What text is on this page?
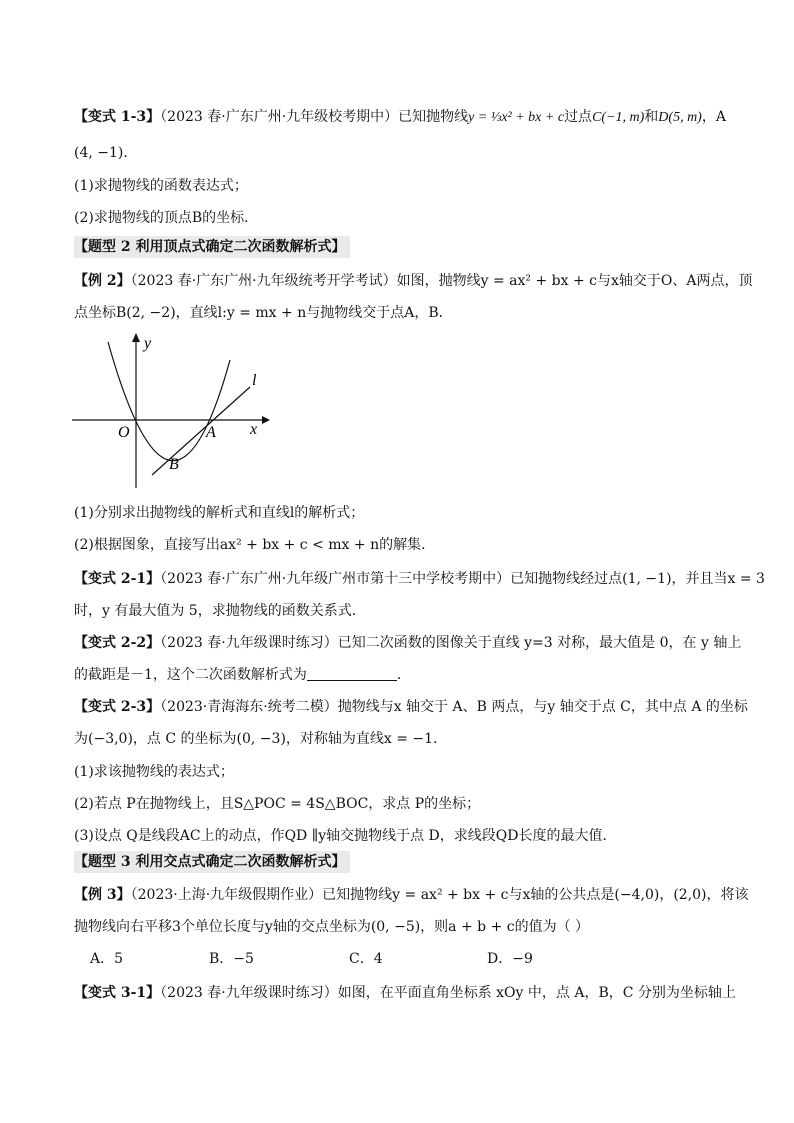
【变式 1-3】（2023 春·广东广州·九年级校考期中）已知抛物线y = ⅓x² + bx + c过点C(−1, m)和D(5, m)，A
(4, −1)．
(1)求抛物线的函数表达式；
(2)求抛物线的顶点B的坐标．
【题型 2 利用顶点式确定二次函数解析式】
【例 2】（2023 春·广东广州·九年级统考开学考试）如图，抛物线y = ax² + bx + c与x轴交于O、A两点，顶
点坐标B(2, −2)，直线l:y = mx + n与抛物线交于点A，B．
y
x
O	A
B
l
(1)分别求出抛物线的解析式和直线l的解析式；
(2)根据图象，直接写出ax² + bx + c < mx + n的解集．
【变式 2-1】（2023 春·广东广州·九年级广州市第十三中学校考期中）已知抛物线经过点(1, −1)，并且当x = 3
时，y 有最大值为 5，求抛物线的函数关系式．
【变式 2-2】（2023 春·九年级课时练习）已知二次函数的图像关于直线 y=3 对称，最大值是 0，在 y 轴上
的截距是－1，这个二次函数解析式为	．
【变式 2-3】（2023·青海海东·统考二模）抛物线与x 轴交于 A、B 两点，与y 轴交于点 C，其中点 A 的坐标
为(−3,0)，点 C 的坐标为(0, −3)，对称轴为直线x = −1．
(1)求该抛物线的表达式；
(2)若点 P在抛物线上，且S△POC = 4S△BOC，求点 P的坐标；
(3)设点 Q是线段AC上的动点，作QD ∥y轴交抛物线于点 D，求线段QD长度的最大值．
【题型 3 利用交点式确定二次函数解析式】
【例 3】（2023·上海·九年级假期作业）已知抛物线y = ax² + bx + c与x轴的公共点是(−4,0)，(2,0)，将该
抛物线向右平移3个单位长度与y轴的交点坐标为(0, −5)，则a + b + c的值为（ ）
A．5	B．−5	C．4	D．−9
【变式 3-1】（2023 春·九年级课时练习）如图，在平面直角坐标系 xOy 中，点 A，B，C 分别为坐标轴上
